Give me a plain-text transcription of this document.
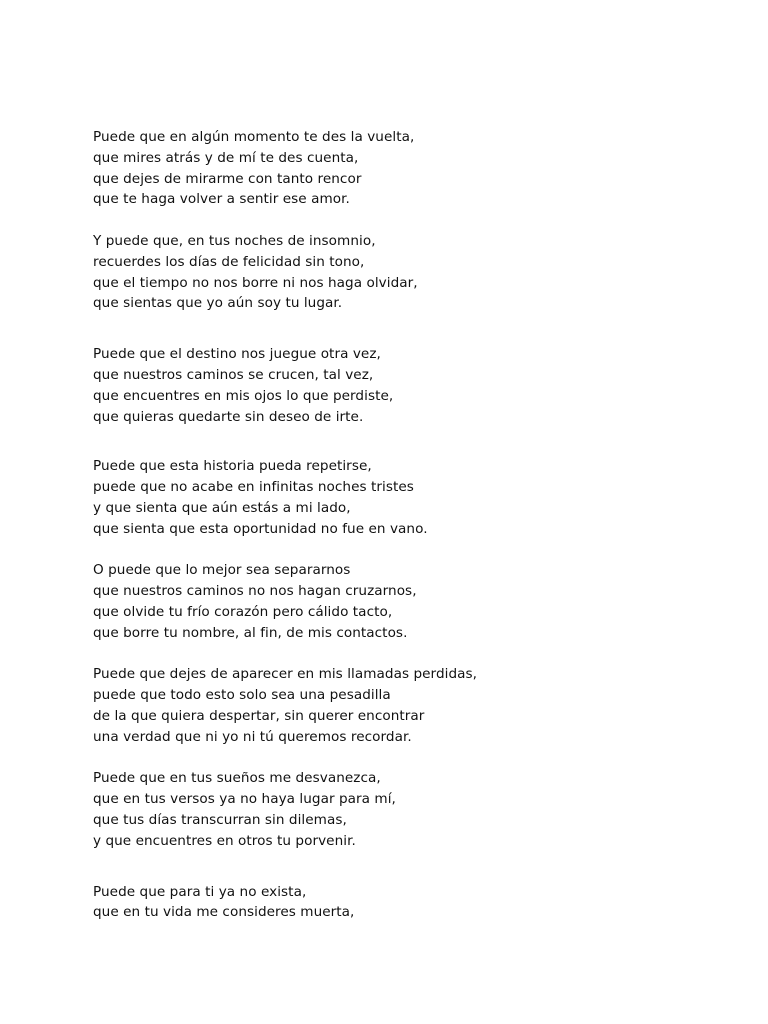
Puede que en algún momento te des la vuelta,
que mires atrás y de mí te des cuenta,
que dejes de mirarme con tanto rencor
que te haga volver a sentir ese amor.
Y puede que, en tus noches de insomnio,
recuerdes los días de felicidad sin tono,
que el tiempo no nos borre ni nos haga olvidar,
que sientas que yo aún soy tu lugar.
Puede que el destino nos juegue otra vez,
que nuestros caminos se crucen, tal vez,
que encuentres en mis ojos lo que perdiste,
que quieras quedarte sin deseo de irte.
Puede que esta historia pueda repetirse,
puede que no acabe en infinitas noches tristes
y que sienta que aún estás a mi lado,
que sienta que esta oportunidad no fue en vano.
O puede que lo mejor sea separarnos
que nuestros caminos no nos hagan cruzarnos,
que olvide tu frío corazón pero cálido tacto,
que borre tu nombre, al fin, de mis contactos.
Puede que dejes de aparecer en mis llamadas perdidas,
puede que todo esto solo sea una pesadilla
de la que quiera despertar, sin querer encontrar
una verdad que ni yo ni tú queremos recordar.
Puede que en tus sueños me desvanezca,
que en tus versos ya no haya lugar para mí,
que tus días transcurran sin dilemas,
y que encuentres en otros tu porvenir.
Puede que para ti ya no exista,
que en tu vida me consideres muerta,
